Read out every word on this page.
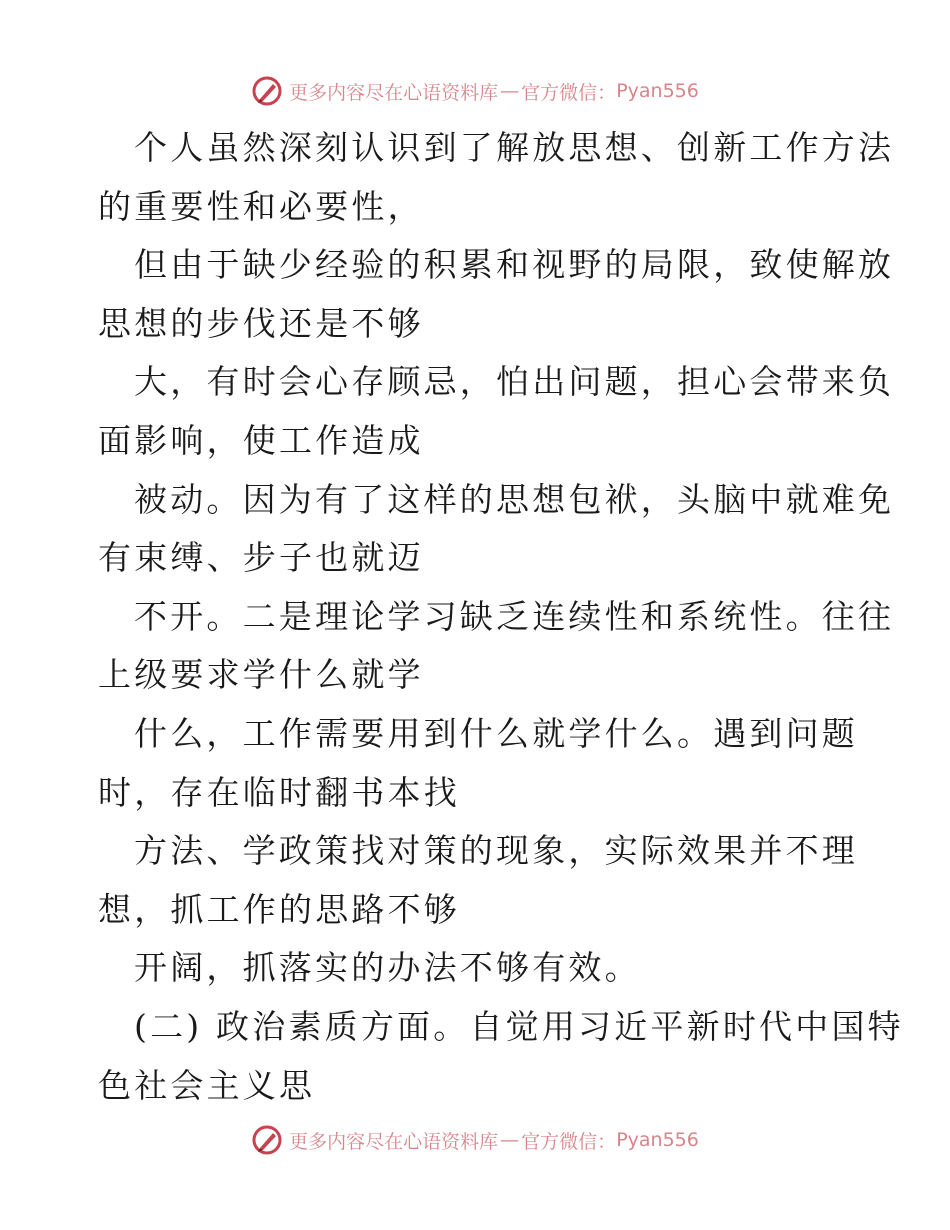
更多内容尽在心语资料库 — 官方微信： Pyan556
个人虽然深刻认识到了解放思想、创新工作方法
的重要性和必要性，
但由于缺少经验的积累和视野的局限，致使解放
思想的步伐还是不够
大，有时会心存顾忌，怕出问题，担心会带来负
面影响，使工作造成
被动。因为有了这样的思想包袱，头脑中就难免
有束缚、步子也就迈
不开。二是理论学习缺乏连续性和系统性。往往
上级要求学什么就学
什么，工作需要用到什么就学什么。遇到问题
时，存在临时翻书本找
方法、学政策找对策的现象，实际效果并不理
想，抓工作的思路不够
开阔，抓落实的办法不够有效。
(二) 政治素质方面。自觉用习近平新时代中国特
色社会主义思
更多内容尽在心语资料库 — 官方微信： Pyan556
